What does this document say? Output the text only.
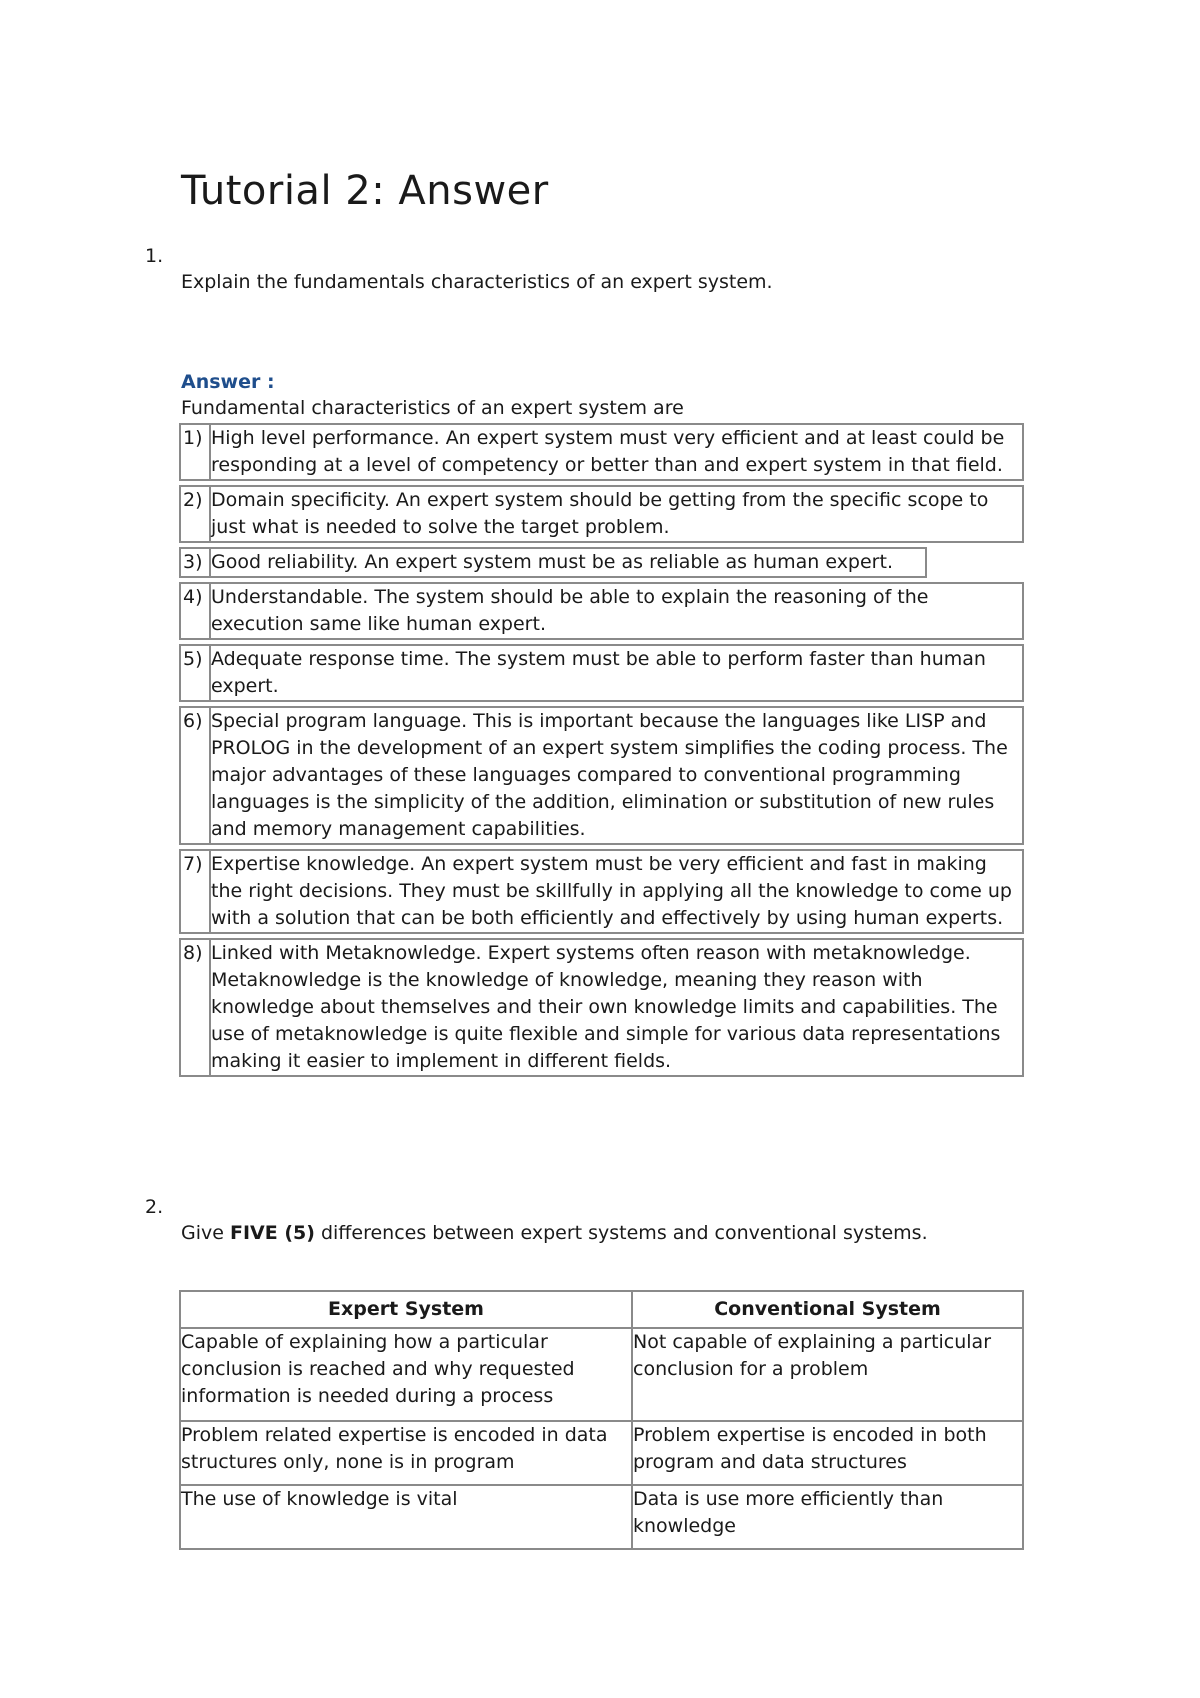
Tutorial 2: Answer
1.
Explain the fundamentals characteristics of an expert system.
Answer :
Fundamental characteristics of an expert system are
1) High level performance. An expert system must very efficient and at least could be responding at a level of competency or better than and expert system in that field.
2) Domain specificity. An expert system should be getting from the specific scope to just what is needed to solve the target problem.
3) Good reliability. An expert system must be as reliable as human expert.
4) Understandable. The system should be able to explain the reasoning of the execution same like human expert.
5) Adequate response time. The system must be able to perform faster than human expert.
6) Special program language. This is important because the languages like LISP and PROLOG in the development of an expert system simplifies the coding process. The major advantages of these languages compared to conventional programming languages is the simplicity of the addition, elimination or substitution of new rules and memory management capabilities.
7) Expertise knowledge. An expert system must be very efficient and fast in making the right decisions. They must be skillfully in applying all the knowledge to come up with a solution that can be both efficiently and effectively by using human experts.
8) Linked with Metaknowledge. Expert systems often reason with metaknowledge. Metaknowledge is the knowledge of knowledge, meaning they reason with knowledge about themselves and their own knowledge limits and capabilities. The use of metaknowledge is quite flexible and simple for various data representations making it easier to implement in different fields.
2.
Give FIVE (5) differences between expert systems and conventional systems.
Expert System	Conventional System
Capable of explaining how a particular conclusion is reached and why requested information is needed during a process	Not capable of explaining a particular conclusion for a problem
Problem related expertise is encoded in data structures only, none is in program	Problem expertise is encoded in both program and data structures
The use of knowledge is vital	Data is use more efficiently than knowledge
